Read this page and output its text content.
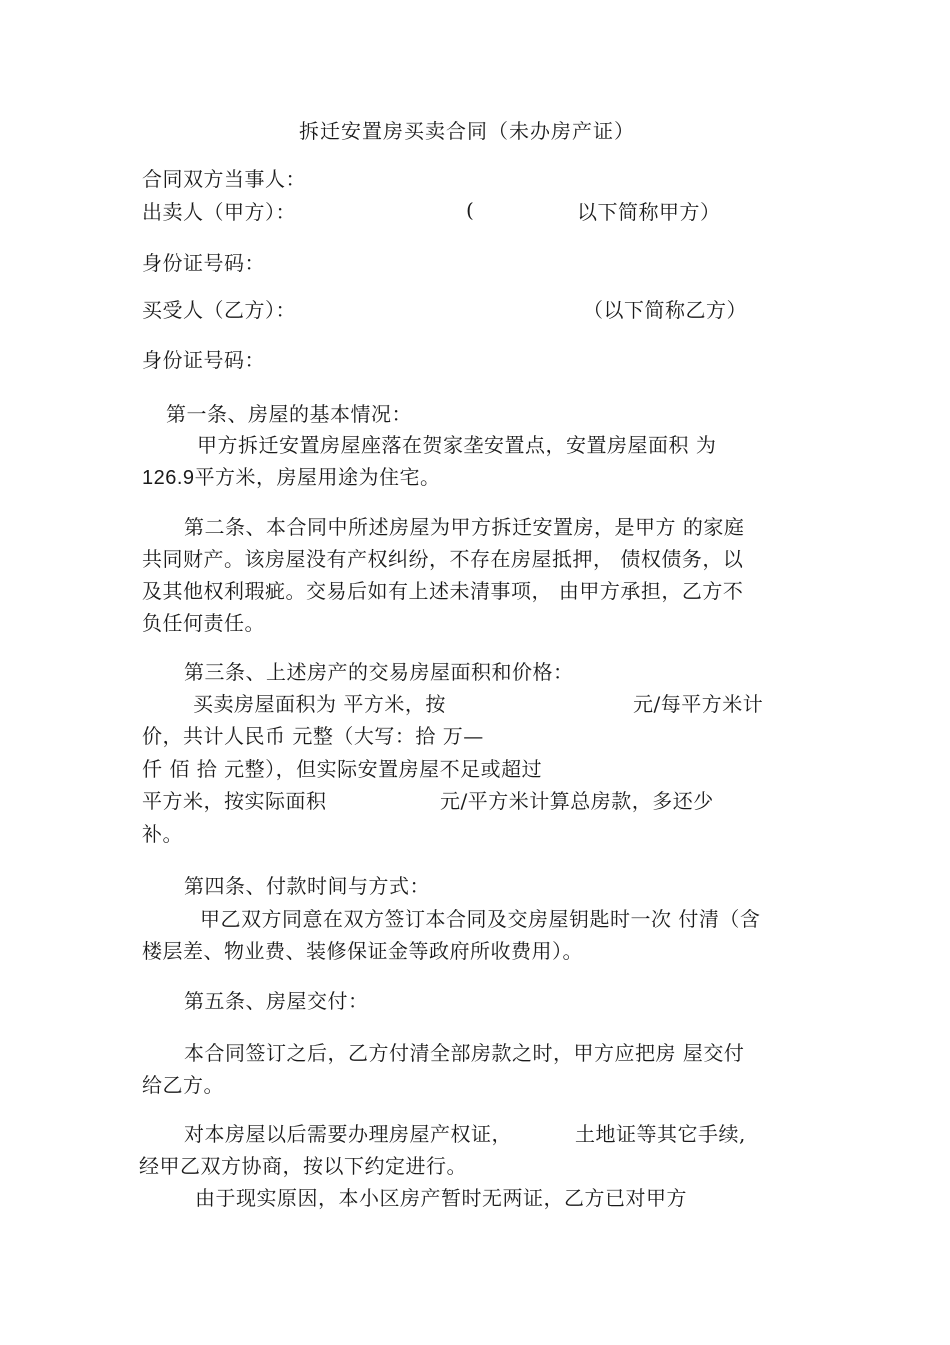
拆迁安置房买卖合同（未办房产证）
合同双方当事人：
出卖人（甲方）：	(	以下简称甲方）
身份证号码：
买受人（乙方）：	（以下简称乙方）
身份证号码：
第一条、房屋的基本情况：
甲方拆迁安置房屋座落在贺家垄安置点，安置房屋面积 为
126.9平方米，房屋用途为住宅。
第二条、本合同中所述房屋为甲方拆迁安置房，是甲方 的家庭
共同财产。该房屋没有产权纠纷，不存在房屋抵押， 债权债务，以
及其他权利瑕疵。交易后如有上述未清事项， 由甲方承担，乙方不
负任何责任。
第三条、上述房产的交易房屋面积和价格：
买卖房屋面积为 平方米，按	元/每平方米计
价，共计人民币 元整（大写：拾 万—
仟 佰 拾 元整），但实际安置房屋不足或超过
平方米，按实际面积	元/平方米计算总房款，多还少
补。
第四条、付款时间与方式：
甲乙双方同意在双方签订本合同及交房屋钥匙时一次 付清（含
楼层差、物业费、装修保证金等政府所收费用）。
第五条、房屋交付：
本合同签订之后，乙方付清全部房款之时，甲方应把房 屋交付
给乙方。
对本房屋以后需要办理房屋产权证，	土地证等其它手续,
经甲乙双方协商，按以下约定进行。
由于现实原因，本小区房产暂时无两证，乙方已对甲方
